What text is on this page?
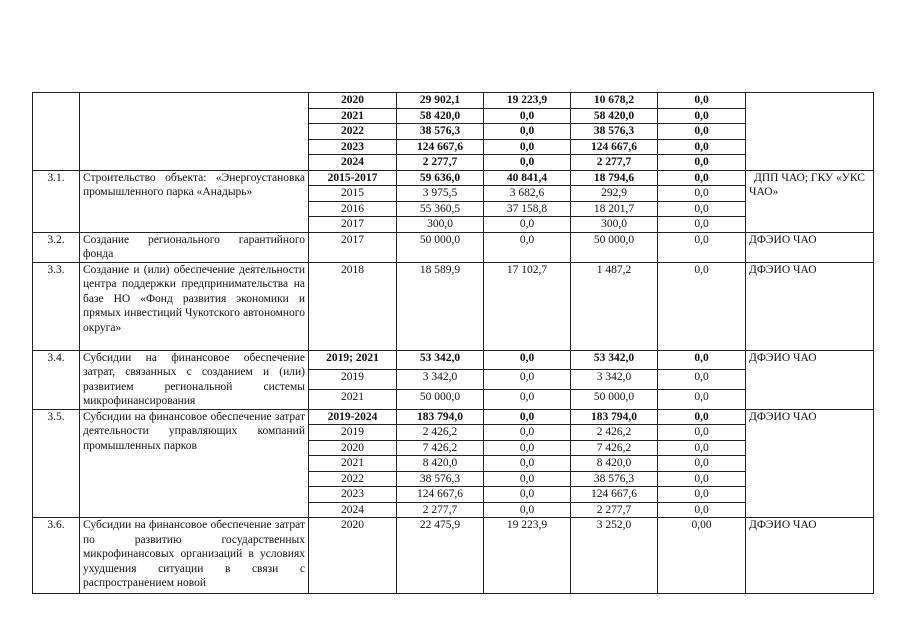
		2020	29 902,1	19 223,9	10 678,2	0,0	
		2021	58 420,0	0,0	58 420,0	0,0	
		2022	38 576,3	0,0	38 576,3	0,0	
		2023	124 667,6	0,0	124 667,6	0,0	
		2024	2 277,7	0,0	2 277,7	0,0	
3.1.	Строительство объекта: «Энергоустановка промышленного парка «Анадырь»	2015-2017	59 636,0	40 841,4	18 794,6	0,0	ДПП ЧАО; ГКУ «УКС ЧАО»
		2015	3 975,5	3 682,6	292,9	0,0	
		2016	55 360,5	37 158,8	18 201,7	0,0	
		2017	300,0	0,0	300,0	0,0	
3.2.	Создание регионального гарантийного фонда	2017	50 000,0	0,0	50 000,0	0,0	ДФЭИО ЧАО
3.3.	Создание и (или) обеспечение деятельности центра поддержки предпринимательства на базе НО «Фонд развития экономики и прямых инвестиций Чукотского автономного округа»	2018	18 589,9	17 102,7	1 487,2	0,0	ДФЭИО ЧАО
3.4.	Субсидии на финансовое обеспечение затрат, связанных с созданием и (или) развитием региональной системы микрофинансирования	2019; 2021	53 342,0	0,0	53 342,0	0,0	ДФЭИО ЧАО
		2019	3 342,0	0,0	3 342,0	0,0	
		2021	50 000,0	0,0	50 000,0	0,0	
3.5.	Субсидии на финансовое обеспечение затрат деятельности управляющих компаний промышленных парков	2019-2024	183 794,0	0,0	183 794,0	0,0	ДФЭИО ЧАО
		2019	2 426,2	0,0	2 426,2	0,0	
		2020	7 426,2	0,0	7 426,2	0,0	
		2021	8 420,0	0,0	8 420,0	0,0	
		2022	38 576,3	0,0	38 576,3	0,0	
		2023	124 667,6	0,0	124 667,6	0,0	
		2024	2 277,7	0,0	2 277,7	0,0	
3.6.	Субсидии на финансовое обеспечение затрат по развитию государственных микрофинансовых организаций в условиях ухудшения ситуации в связи с распространением новой	2020	22 475,9	19 223,9	3 252,0	0,00	ДФЭИО ЧАО
